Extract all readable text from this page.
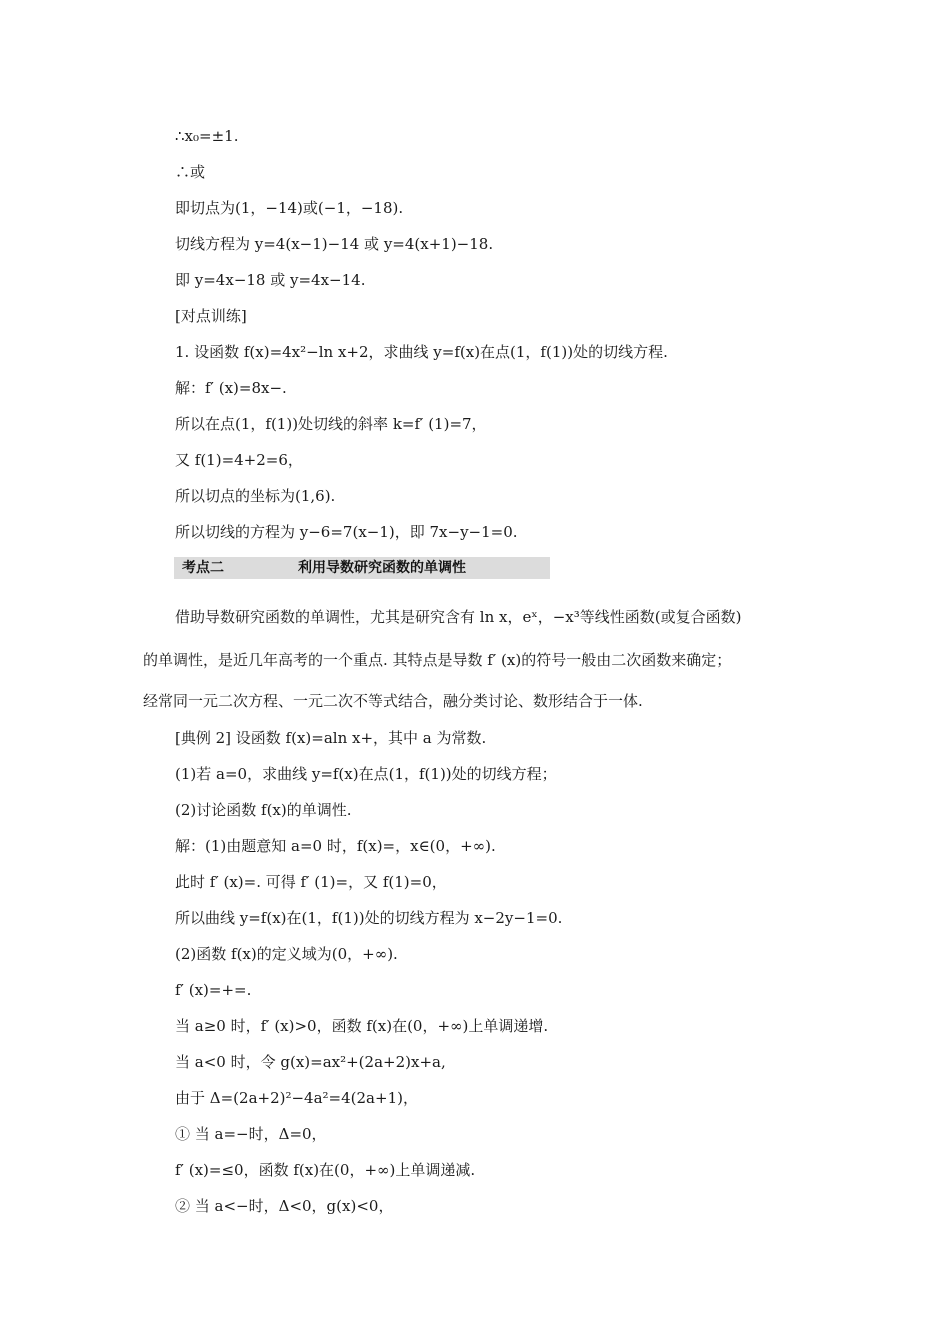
∴x₀=±1.
∴或
即切点为(1，−14)或(−1，−18).
切线方程为 y=4(x−1)−14 或 y=4(x+1)−18.
即 y=4x−18 或 y=4x−14.
[对点训练]
1. 设函数 f(x)=4x²−ln x+2，求曲线 y=f(x)在点(1，f(1))处的切线方程.
解：f′ (x)=8x−.
所以在点(1，f(1))处切线的斜率 k=f′ (1)=7，
又 f(1)=4+2=6，
所以切点的坐标为(1,6).
所以切线的方程为 y−6=7(x−1)，即 7x−y−1=0.
考点二	利用导数研究函数的单调性
借助导数研究函数的单调性，尤其是研究含有 ln x，eˣ，−x³等线性函数(或复合函数)
的单调性，是近几年高考的一个重点. 其特点是导数 f′ (x)的符号一般由二次函数来确定；
经常同一元二次方程、一元二次不等式结合，融分类讨论、数形结合于一体.
[典例 2] 设函数 f(x)=aln x+，其中 a 为常数.
(1)若 a=0，求曲线 y=f(x)在点(1，f(1))处的切线方程；
(2)讨论函数 f(x)的单调性.
解：(1)由题意知 a=0 时，f(x)=，x∈(0，+∞).
此时 f′ (x)=. 可得 f′ (1)=，又 f(1)=0，
所以曲线 y=f(x)在(1，f(1))处的切线方程为 x−2y−1=0.
(2)函数 f(x)的定义域为(0，+∞).
f′ (x)=+=.
当 a≥0 时，f′ (x)>0，函数 f(x)在(0，+∞)上单调递增.
当 a<0 时，令 g(x)=ax²+(2a+2)x+a,
由于 Δ=(2a+2)²−4a²=4(2a+1)，
① 当 a=−时，Δ=0，
f′ (x)=≤0，函数 f(x)在(0，+∞)上单调递减.
② 当 a<−时，Δ<0，g(x)<0，
